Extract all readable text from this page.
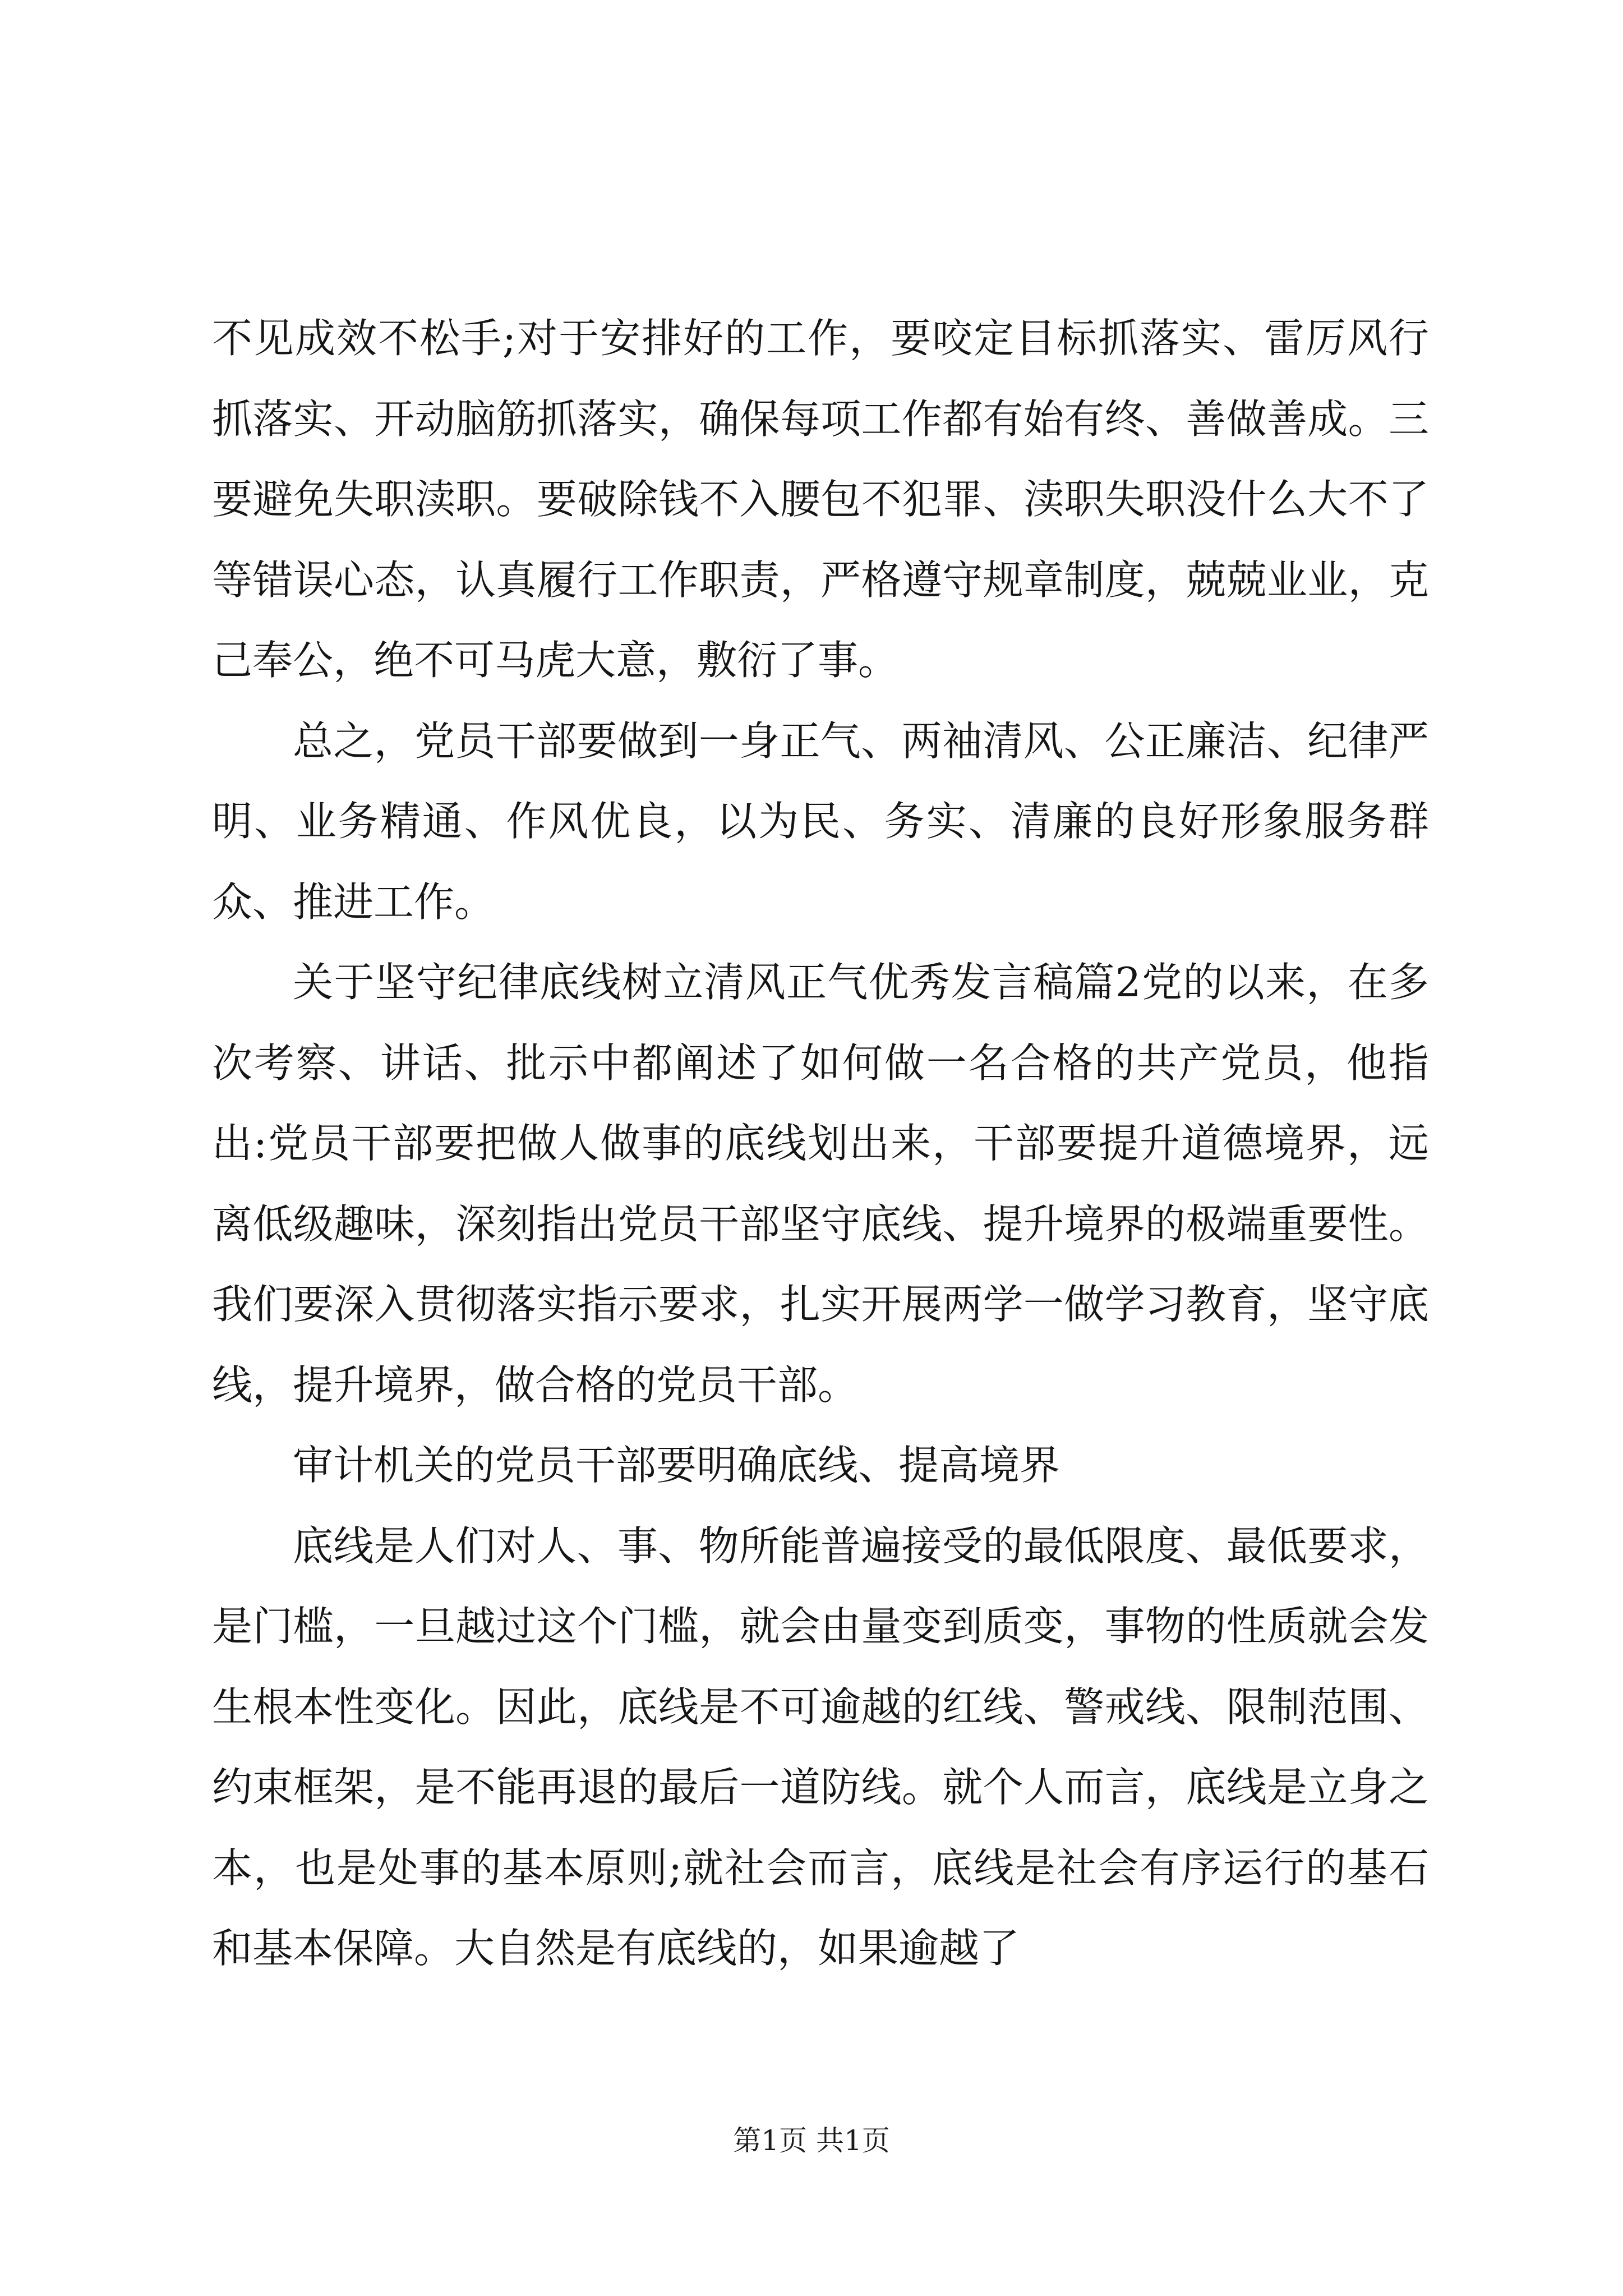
不见成效不松手;对于安排好的工作，要咬定目标抓落实、雷厉风行抓落实、开动脑筋抓落实，确保每项工作都有始有终、善做善成。三要避免失职渎职。要破除钱不入腰包不犯罪、渎职失职没什么大不了等错误心态，认真履行工作职责，严格遵守规章制度，兢兢业业，克己奉公，绝不可马虎大意，敷衍了事。

总之，党员干部要做到一身正气、两袖清风、公正廉洁、纪律严明、业务精通、作风优良，以为民、务实、清廉的良好形象服务群众、推进工作。

关于坚守纪律底线树立清风正气优秀发言稿篇2党的以来，在多次考察、讲话、批示中都阐述了如何做一名合格的共产党员，他指出:党员干部要把做人做事的底线划出来，干部要提升道德境界，远离低级趣味，深刻指出党员干部坚守底线、提升境界的极端重要性。我们要深入贯彻落实指示要求，扎实开展两学一做学习教育，坚守底线，提升境界，做合格的党员干部。

审计机关的党员干部要明确底线、提高境界

底线是人们对人、事、物所能普遍接受的最低限度、最低要求，是门槛，一旦越过这个门槛，就会由量变到质变，事物的性质就会发生根本性变化。因此，底线是不可逾越的红线、警戒线、限制范围、约束框架，是不能再退的最后一道防线。就个人而言，底线是立身之本，也是处事的基本原则;就社会而言，底线是社会有序运行的基石和基本保障。大自然是有底线的，如果逾越了

第1页 共1页
